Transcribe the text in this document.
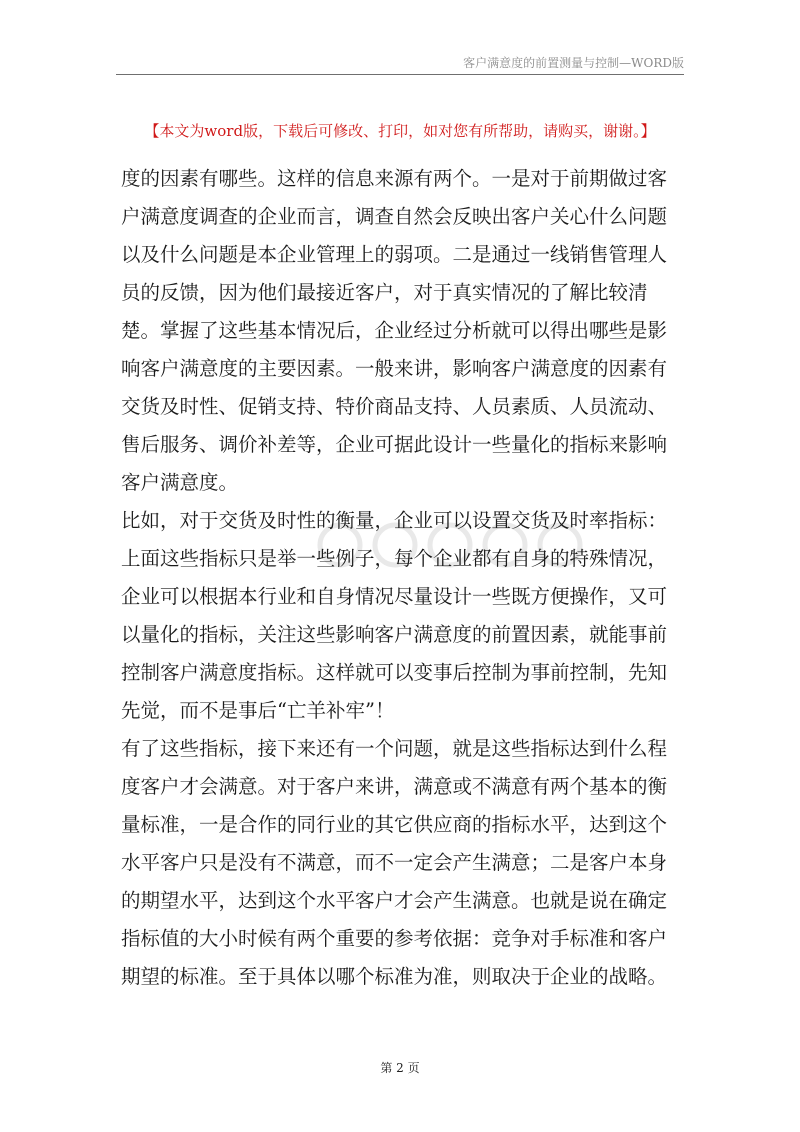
客户满意度的前置测量与控制—WORD版
【本文为word版，下载后可修改、打印，如对您有所帮助，请购买，谢谢。】

度的因素有哪些。这样的信息来源有两个。一是对于前期做过客户满意度调查的企业而言，调查自然会反映出客户关心什么问题以及什么问题是本企业管理上的弱项。二是通过一线销售管理人员的反馈，因为他们最接近客户，对于真实情况的了解比较清楚。掌握了这些基本情况后，企业经过分析就可以得出哪些是影响客户满意度的主要因素。一般来讲，影响客户满意度的因素有交货及时性、促销支持、特价商品支持、人员素质、人员流动、售后服务、调价补差等，企业可据此设计一些量化的指标来影响客户满意度。

比如，对于交货及时性的衡量，企业可以设置交货及时率指标：

上面这些指标只是举一些例子，每个企业都有自身的特殊情况，企业可以根据本行业和自身情况尽量设计一些既方便操作，又可以量化的指标，关注这些影响客户满意度的前置因素，就能事前控制客户满意度指标。这样就可以变事后控制为事前控制，先知先觉，而不是事后“亡羊补牢”！

有了这些指标，接下来还有一个问题，就是这些指标达到什么程度客户才会满意。对于客户来讲，满意或不满意有两个基本的衡量标准，一是合作的同行业的其它供应商的指标水平，达到这个水平客户只是没有不满意，而不一定会产生满意；二是客户本身的期望水平，达到这个水平客户才会产生满意。也就是说在确定指标值的大小时候有两个重要的参考依据：竞争对手标准和客户期望的标准。至于具体以哪个标准为准，则取决于企业的战略。

第 2 页
